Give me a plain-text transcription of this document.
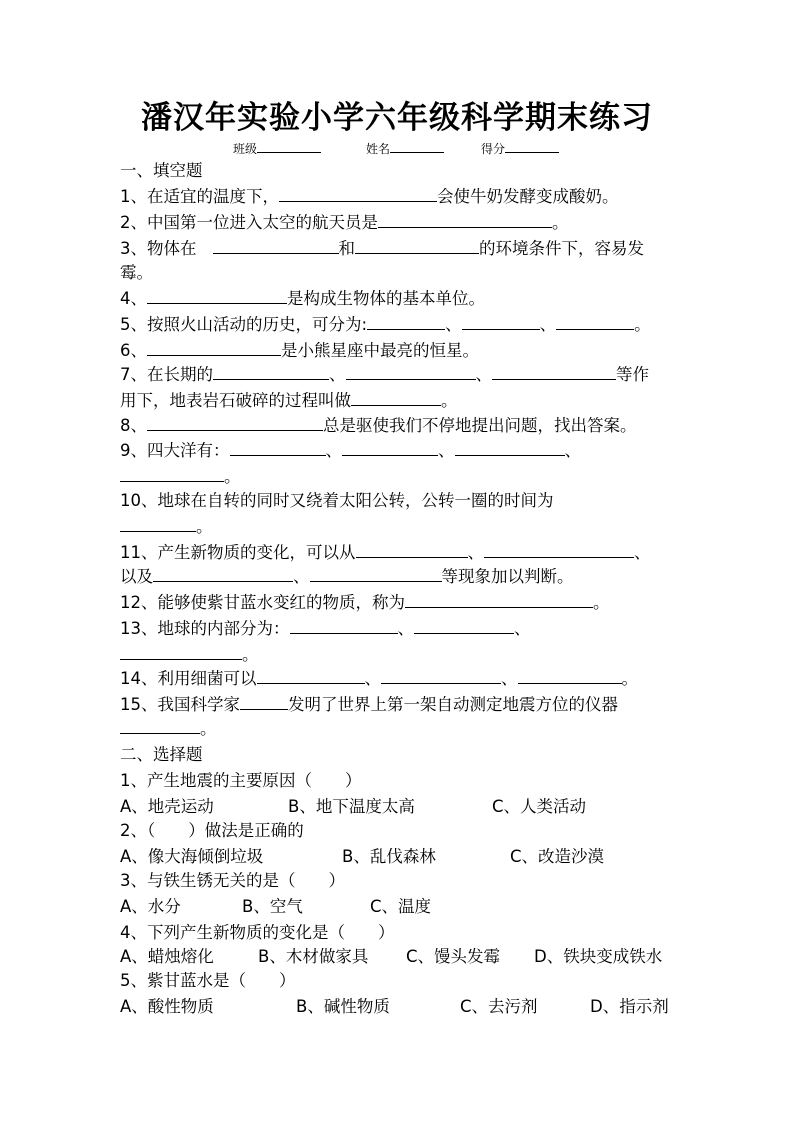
潘汉年实验小学六年级科学期末练习
班级	姓名	得分
一、填空题
1、在适宜的温度下，	会使牛奶发酵变成酸奶。
2、中国第一位进入太空的航天员是	。
3、物体在	和	的环境条件下，容易发
霉。
4、	是构成生物体的基本单位。
5、按照火山活动的历史，可分为:	、	、	。
6、	是小熊星座中最亮的恒星。
7、在长期的	、	、	等作
用下，地表岩石破碎的过程叫做	。
8、	总是驱使我们不停地提出问题，找出答案。
9、四大洋有：	、	、	、
。
10、地球在自转的同时又绕着太阳公转，公转一圈的时间为
。
11、产生新物质的变化，可以从	、	、
以及	、	等现象加以判断。
12、能够使紫甘蓝水变红的物质，称为	。
13、地球的内部分为：	、	、
。
14、利用细菌可以	、	、	。
15、我国科学家	发明了世界上第一架自动测定地震方位的仪器
。
二、选择题
1、产生地震的主要原因（　　）
A、地壳运动	B、地下温度太高	C、人类活动
2、（　　）做法是正确的
A、像大海倾倒垃圾	B、乱伐森林	C、改造沙漠
3、与铁生锈无关的是（　　）
A、水分	B、空气	C、温度
4、下列产生新物质的变化是（　　）
A、蜡烛熔化	B、木材做家具 C、馒头发霉 D、铁块变成铁水
5、紫甘蓝水是（　　）
A、酸性物质	B、碱性物质	C、去污剂	D、指示剂
